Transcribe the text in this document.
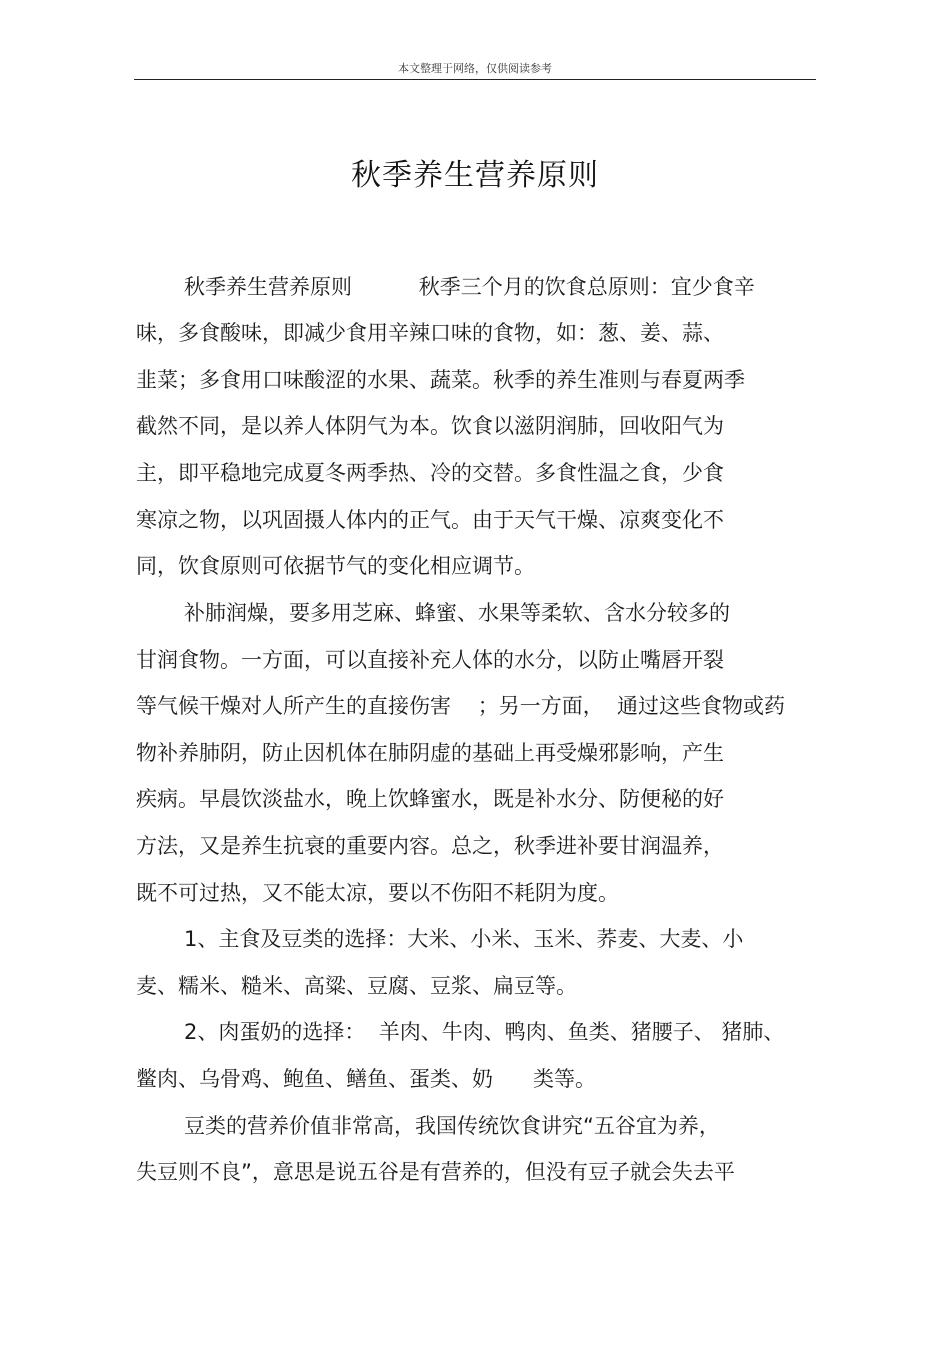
本文整理于网络，仅供阅读参考
秋季养生营养原则
秋季养生营养原则          秋季三个月的饮食总原则：宜少食辛
味，多食酸味，即减少食用辛辣口味的食物，如：葱、姜、蒜、
韭菜；多食用口味酸涩的水果、蔬菜。秋季的养生准则与春夏两季
截然不同，是以养人体阴气为本。饮食以滋阴润肺，回收阳气为
主，即平稳地完成夏冬两季热、冷的交替。多食性温之食，少食
寒凉之物，以巩固摄人体内的正气。由于天气干燥、凉爽变化不
同，饮食原则可依据节气的变化相应调节。
补肺润燥，要多用芝麻、蜂蜜、水果等柔软、含水分较多的
甘润食物。一方面，可以直接补充人体的水分，以防止嘴唇开裂
等气候干燥对人所产生的直接伤害    ；另一方面，  通过这些食物或药
物补养肺阴，防止因机体在肺阴虚的基础上再受燥邪影响，产生
疾病。早晨饮淡盐水，晚上饮蜂蜜水，既是补水分、防便秘的好
方法，又是养生抗衰的重要内容。总之，秋季进补要甘润温养，
既不可过热，又不能太凉，要以不伤阳不耗阴为度。
1、主食及豆类的选择：大米、小米、玉米、荞麦、大麦、小
麦、糯米、糙米、高粱、豆腐、豆浆、扁豆等。
2、肉蛋奶的选择：  羊肉、牛肉、鸭肉、鱼类、猪腰子、 猪肺、
鳖肉、乌骨鸡、鲍鱼、鳝鱼、蛋类、奶      类等。
豆类的营养价值非常高，我国传统饮食讲究“五谷宜为养，
失豆则不良”，意思是说五谷是有营养的，但没有豆子就会失去平
